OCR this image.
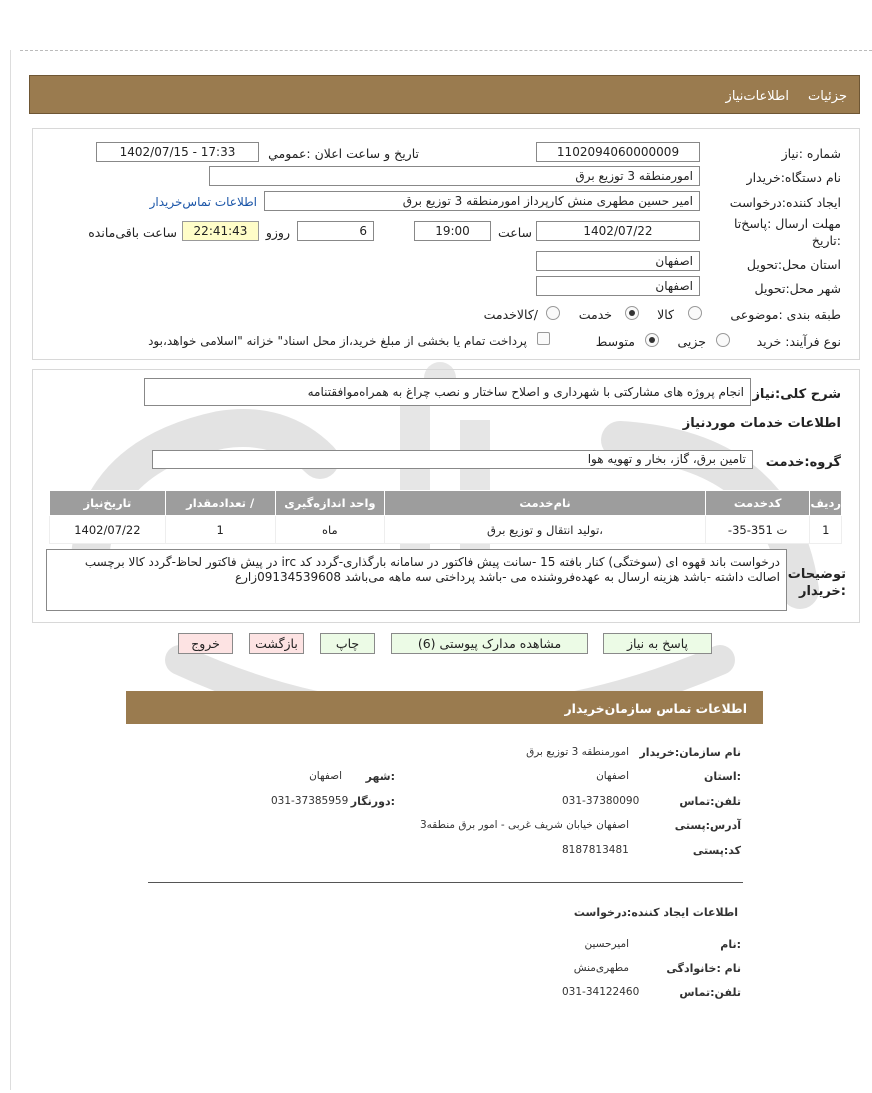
جزئیات
اطلاعات‌نیاز
شماره :نیاز
1102094060000009
تاریخ و ساعت اعلان :عمومي
1402/07/15 - 17:33
نام دستگاه:خریدار
امورمنطقه 3 توزیع برق
ایجاد کننده:درخواست
امیر حسین مطهری منش کارپرداز امورمنطقه 3 توزیع برق
اطلاعات تماس‌خریدار
مهلت ارسال :پاسخ‌تا
:تاریخ
1402/07/22
ساعت
19:00
6
روزو
22:41:43
ساعت باقی‌مانده
استان محل:تحویل
اصفهان
شهر محل:تحویل
اصفهان
طبقه بندی :موضوعی
کالا
خدمت
/کالاخدمت
نوع فرآیند: خرید
جزیی
متوسط
پرداخت تمام یا بخشی از مبلغ خرید،از محل اسناد" خزانه "اسلامی خواهد،بود
شرح کلی:نیاز
انجام پروژه های مشارکتی با شهرداری و اصلاح ساختار و نصب چراغ به همراه‌موافقتنامه
اطلاعات خدمات موردنیاز
گروه:خدمت
تامین برق، گاز، بخار و تهویه هوا
ردیف	کدخدمت	نام‌خدمت	واحد اندازه‌گیری	/ تعدادمقدار	تاریخ‌نیاز
1	ت 351-35-	،تولید انتقال و توزیع برق	ماه	1	1402/07/22
توضیحات
:خریدار
درخواست باند قهوه ای (سوختگی) کنار بافته 15 -سانت پیش فاکتور در سامانه بارگذاری-گردد کد irc در پیش فاکتور لحاظ-گردد کالا برچسب اصالت داشته -باشد هزینه ارسال به عهده‌فروشنده می -باشد پرداختی سه ماهه می‌باشد 09134539608زارع
پاسخ به نیاز
مشاهده مدارک پیوستی (6)
چاپ
بازگشت
خروج
اطلاعات تماس سازمان‌خریدار
نام سازمان:خریدار
امورمنطقه 3 توزیع برق
:استان
اصفهان
:شهر
اصفهان
تلفن:تماس
031-37380090
:دورنگار
031-37385959
آدرس:پستی
اصفهان خیابان شریف غربی - امور برق منطقه3
کد:پستی
8187813481
اطلاعات ایجاد کننده:درخواست
:نام
امیرحسین
نام :خانوادگی
مطهری‌منش
تلفن:تماس
031-34122460
